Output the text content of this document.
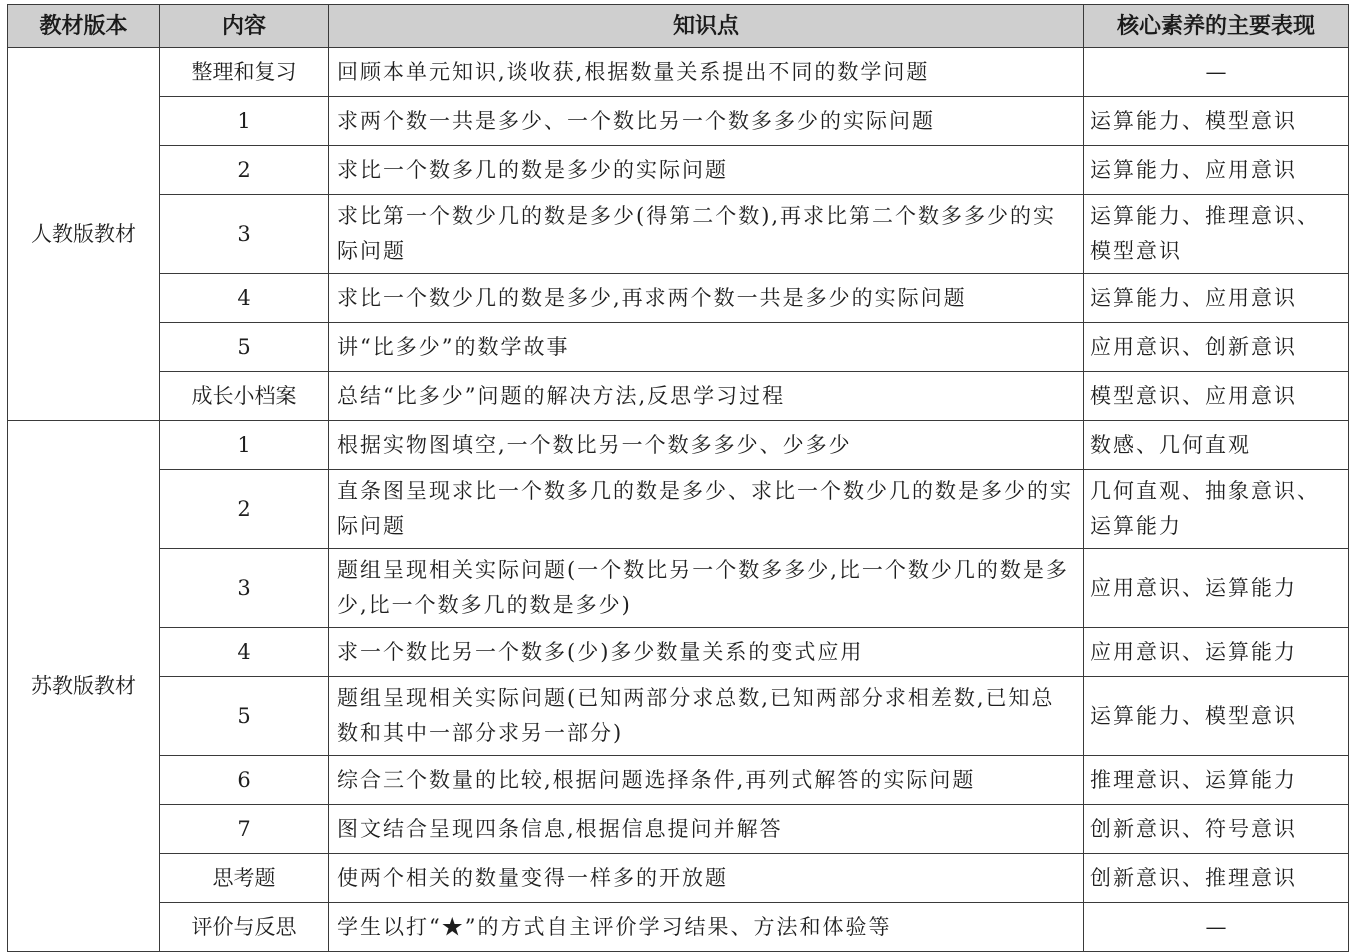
教材版本	内容	知识点	核心素养的主要表现
人教版教材	整理和复习	回顾本单元知识,谈收获,根据数量关系提出不同的数学问题	—
	1	求两个数一共是多少、一个数比另一个数多多少的实际问题	运算能力、模型意识
	2	求比一个数多几的数是多少的实际问题	运算能力、应用意识
	3	求比第一个数少几的数是多少(得第二个数),再求比第二个数多多少的实际问题	运算能力、推理意识、模型意识
	4	求比一个数少几的数是多少,再求两个数一共是多少的实际问题	运算能力、应用意识
	5	讲“比多少”的数学故事	应用意识、创新意识
	成长小档案	总结“比多少”问题的解决方法,反思学习过程	模型意识、应用意识
苏教版教材	1	根据实物图填空,一个数比另一个数多多少、少多少	数感、几何直观
	2	直条图呈现求比一个数多几的数是多少、求比一个数少几的数是多少的实际问题	几何直观、抽象意识、运算能力
	3	题组呈现相关实际问题(一个数比另一个数多多少,比一个数少几的数是多少,比一个数多几的数是多少)	应用意识、运算能力
	4	求一个数比另一个数多(少)多少数量关系的变式应用	应用意识、运算能力
	5	题组呈现相关实际问题(已知两部分求总数,已知两部分求相差数,已知总数和其中一部分求另一部分)	运算能力、模型意识
	6	综合三个数量的比较,根据问题选择条件,再列式解答的实际问题	推理意识、运算能力
	7	图文结合呈现四条信息,根据信息提问并解答	创新意识、符号意识
	思考题	使两个相关的数量变得一样多的开放题	创新意识、推理意识
	评价与反思	学生以打“★”的方式自主评价学习结果、方法和体验等	—
